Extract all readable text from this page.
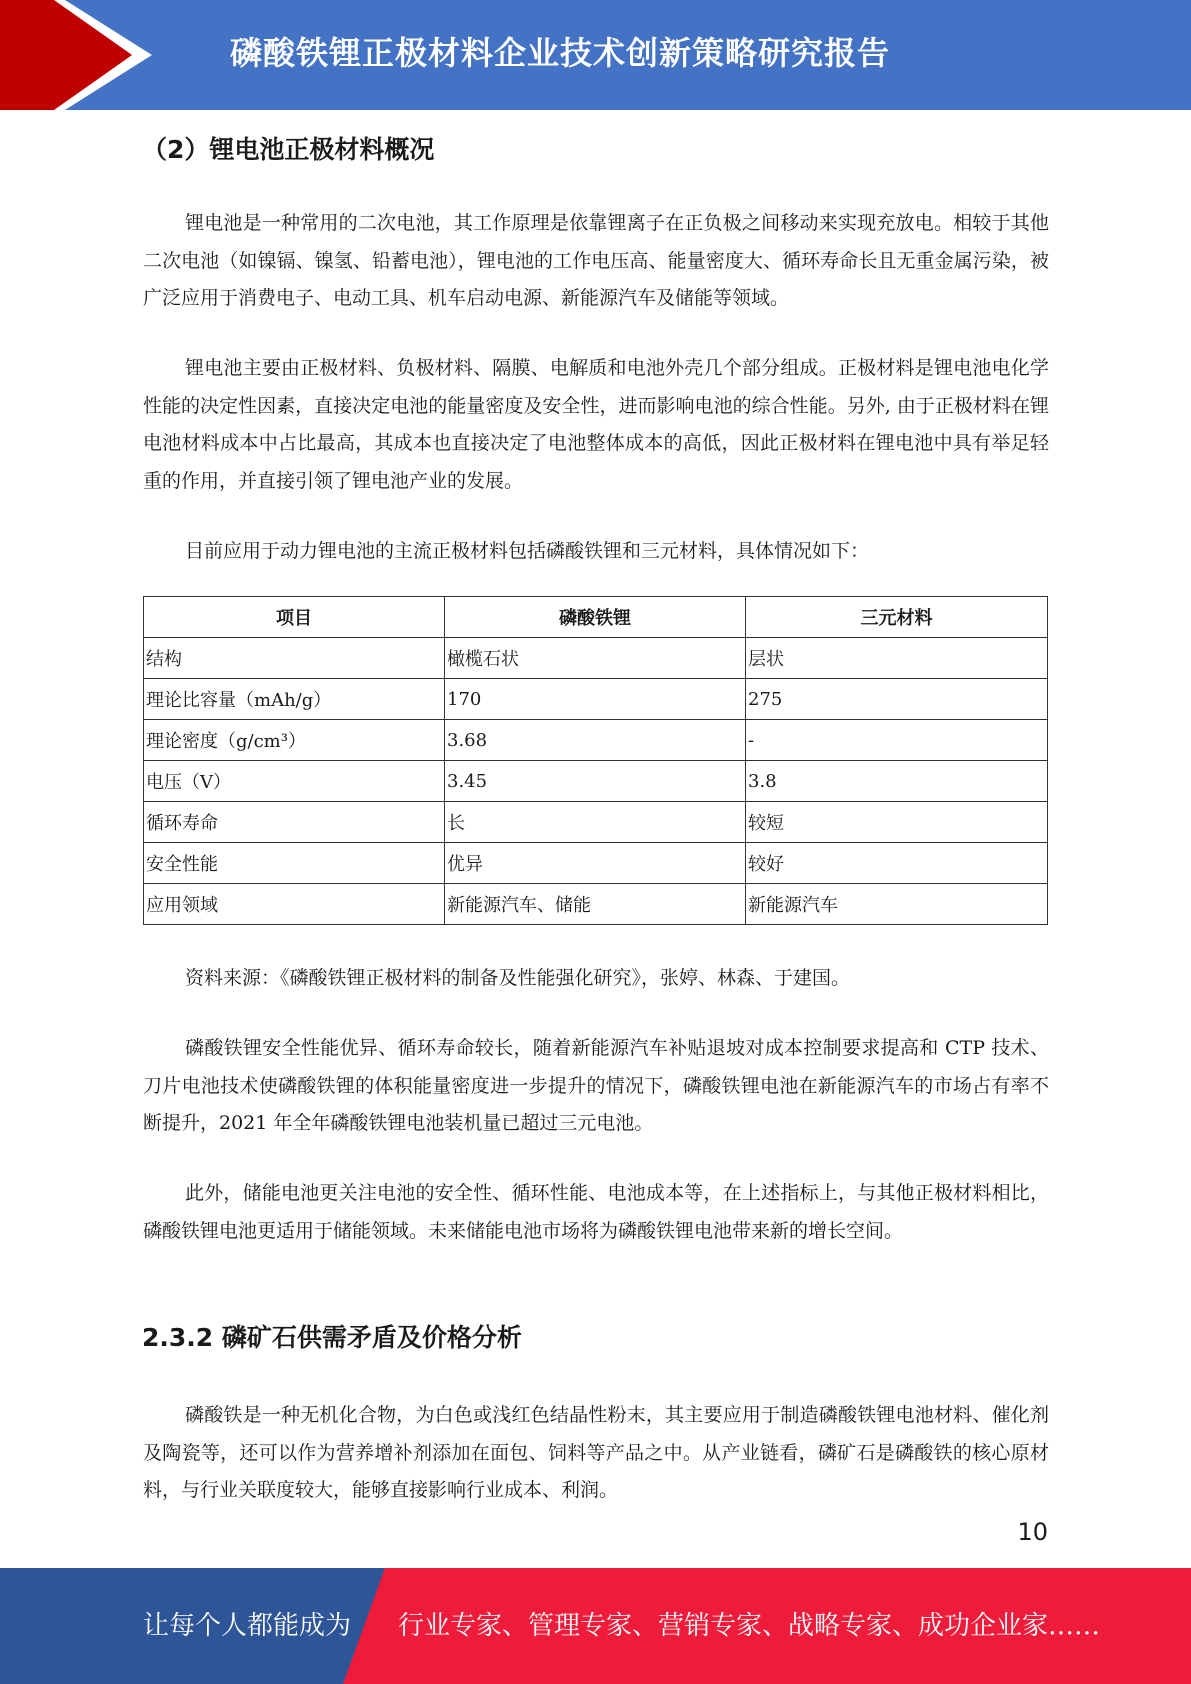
磷酸铁锂正极材料企业技术创新策略研究报告
（2）锂电池正极材料概况

锂电池是一种常用的二次电池，其工作原理是依靠锂离子在正负极之间移动来实现充放电。相较于其他二次电池（如镍镉、镍氢、铅蓄电池），锂电池的工作电压高、能量密度大、循环寿命长且无重金属污染，被广泛应用于消费电子、电动工具、机车启动电源、新能源汽车及储能等领域。

锂电池主要由正极材料、负极材料、隔膜、电解质和电池外壳几个部分组成。正极材料是锂电池电化学性能的决定性因素，直接决定电池的能量密度及安全性，进而影响电池的综合性能。另外, 由于正极材料在锂电池材料成本中占比最高，其成本也直接决定了电池整体成本的高低，因此正极材料在锂电池中具有举足轻重的作用，并直接引领了锂电池产业的发展。

目前应用于动力锂电池的主流正极材料包括磷酸铁锂和三元材料，具体情况如下：

项目	磷酸铁锂	三元材料
结构	橄榄石状	层状
理论比容量（mAh/g）	170	275
理论密度（g/cm³）	3.68	-
电压（V）	3.45	3.8
循环寿命	长	较短
安全性能	优异	较好
应用领域	新能源汽车、储能	新能源汽车

资料来源：《磷酸铁锂正极材料的制备及性能强化研究》，张婷、林森、于建国。

磷酸铁锂安全性能优异、循环寿命较长，随着新能源汽车补贴退坡对成本控制要求提高和 CTP 技术、刀片电池技术使磷酸铁锂的体积能量密度进一步提升的情况下，磷酸铁锂电池在新能源汽车的市场占有率不断提升，2021 年全年磷酸铁锂电池装机量已超过三元电池。

此外，储能电池更关注电池的安全性、循环性能、电池成本等，在上述指标上，与其他正极材料相比，磷酸铁锂电池更适用于储能领域。未来储能电池市场将为磷酸铁锂电池带来新的增长空间。

2.3.2 磷矿石供需矛盾及价格分析

磷酸铁是一种无机化合物，为白色或浅红色结晶性粉末，其主要应用于制造磷酸铁锂电池材料、催化剂及陶瓷等，还可以作为营养增补剂添加在面包、饲料等产品之中。从产业链看，磷矿石是磷酸铁的核心原材料，与行业关联度较大，能够直接影响行业成本、利润。

10
让每个人都能成为 行业专家、管理专家、营销专家、战略专家、成功企业家……
